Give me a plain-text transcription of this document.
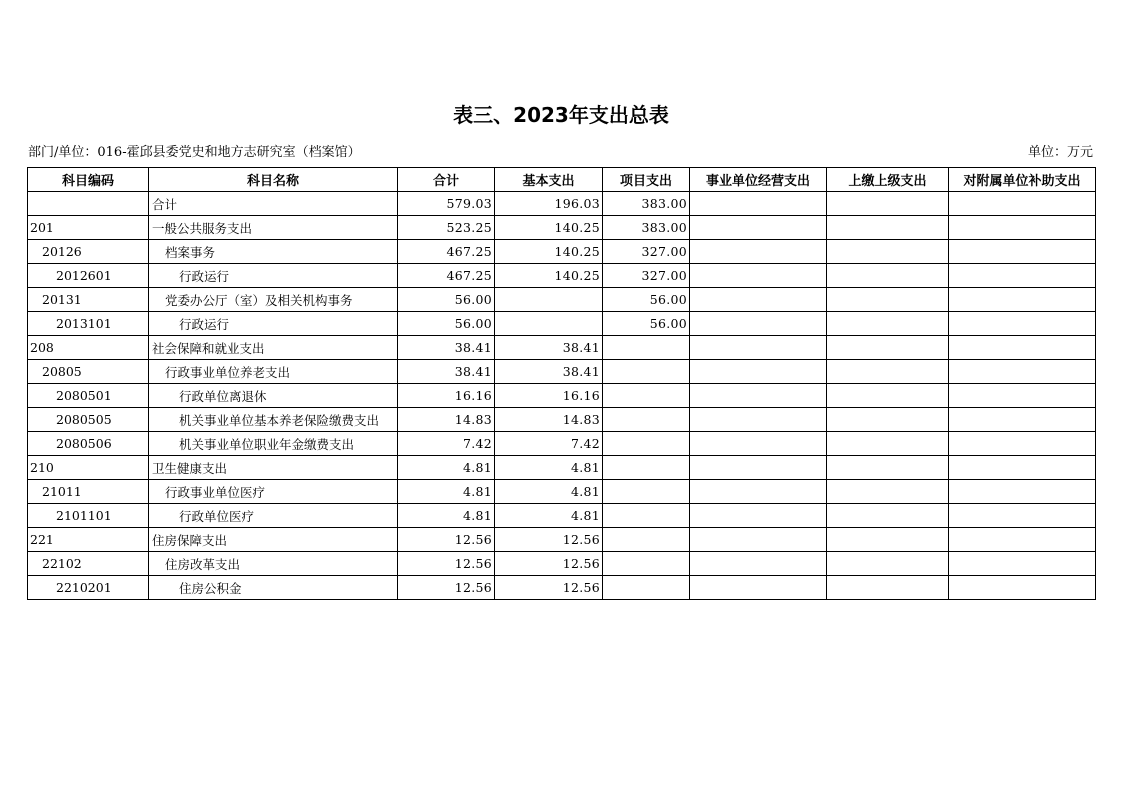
表三、2023年支出总表
部门/单位：016-霍邱县委党史和地方志研究室（档案馆）	单位：万元
科目编码	科目名称	合计	基本支出	项目支出	事业单位经营支出	上缴上级支出	对附属单位补助支出
	合计	579.03	196.03	383.00			
201	一般公共服务支出	523.25	140.25	383.00			
20126	档案事务	467.25	140.25	327.00			
2012601	行政运行	467.25	140.25	327.00			
20131	党委办公厅（室）及相关机构事务	56.00		56.00			
2013101	行政运行	56.00		56.00			
208	社会保障和就业支出	38.41	38.41				
20805	行政事业单位养老支出	38.41	38.41				
2080501	行政单位离退休	16.16	16.16				
2080505	机关事业单位基本养老保险缴费支出	14.83	14.83				
2080506	机关事业单位职业年金缴费支出	7.42	7.42				
210	卫生健康支出	4.81	4.81				
21011	行政事业单位医疗	4.81	4.81				
2101101	行政单位医疗	4.81	4.81				
221	住房保障支出	12.56	12.56				
22102	住房改革支出	12.56	12.56				
2210201	住房公积金	12.56	12.56				
